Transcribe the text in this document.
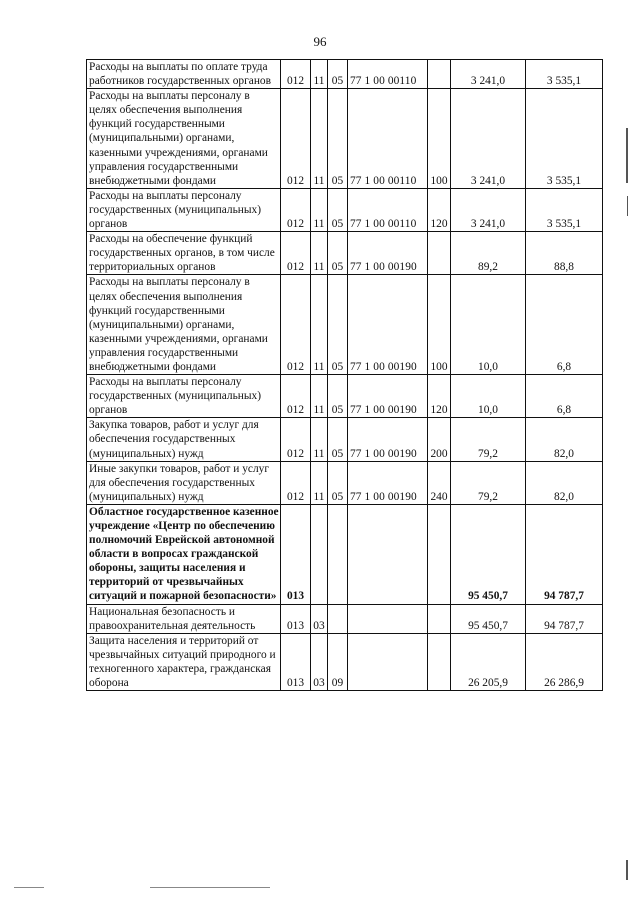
96
Расходы на выплаты по оплате труда работников государственных органов	012	11	05	77 1 00 00110		3 241,0	3 535,1
Расходы на выплаты персоналу в целях обеспечения выполнения функций государственными (муниципальными) органами, казенными учреждениями, органами управления государственными внебюджетными фондами	012	11	05	77 1 00 00110	100	3 241,0	3 535,1
Расходы на выплаты персоналу государственных (муниципальных) органов	012	11	05	77 1 00 00110	120	3 241,0	3 535,1
Расходы на обеспечение функций государственных органов, в том числе территориальных органов	012	11	05	77 1 00 00190		89,2	88,8
Расходы на выплаты персоналу в целях обеспечения выполнения функций государственными (муниципальными) органами, казенными учреждениями, органами управления государственными внебюджетными фондами	012	11	05	77 1 00 00190	100	10,0	6,8
Расходы на выплаты персоналу государственных (муниципальных) органов	012	11	05	77 1 00 00190	120	10,0	6,8
Закупка товаров, работ и услуг для обеспечения государственных (муниципальных) нужд	012	11	05	77 1 00 00190	200	79,2	82,0
Иные закупки товаров, работ и услуг для обеспечения государственных (муниципальных) нужд	012	11	05	77 1 00 00190	240	79,2	82,0
Областное государственное казенное учреждение «Центр по обеспечению полномочий Еврейской автономной области в вопросах гражданской обороны, защиты населения и территорий от чрезвычайных ситуаций и пожарной безопасности»	013					95 450,7	94 787,7
Национальная безопасность и правоохранительная деятельность	013	03				95 450,7	94 787,7
Защита населения и территорий от чрезвычайных ситуаций природного и техногенного характера, гражданская оборона	013	03	09			26 205,9	26 286,9
